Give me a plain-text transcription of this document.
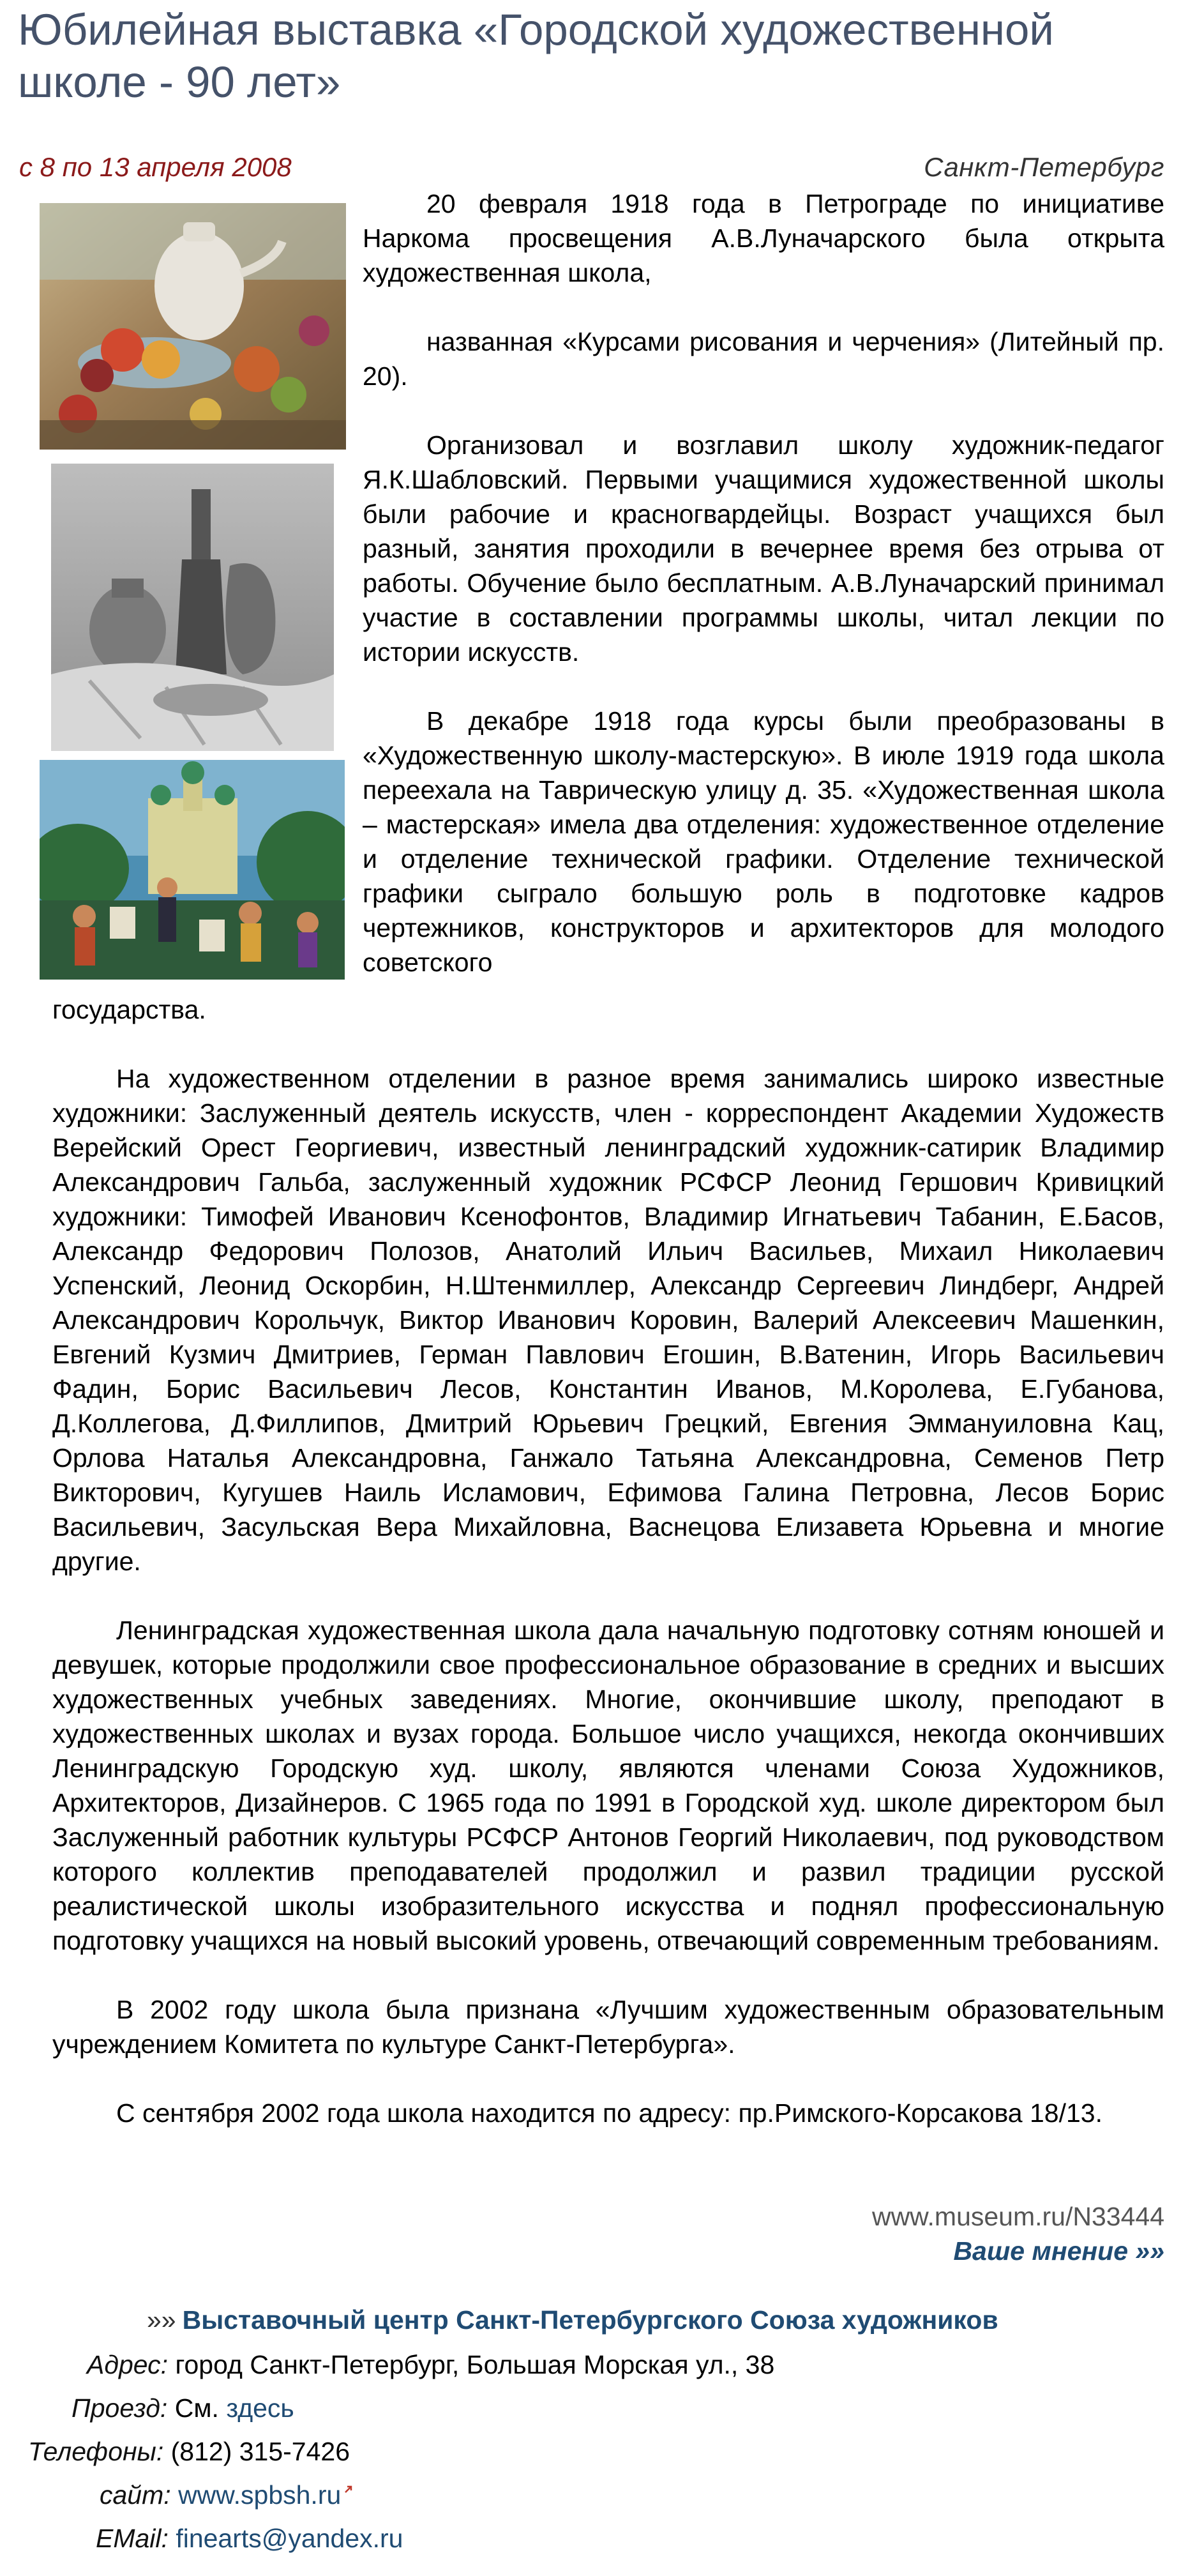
Юбилейная выставка «Городской художественной школе - 90 лет»
с 8 по 13 апреля 2008	Санкт-Петербург

20 февраля 1918 года в Петрограде по инициативе Наркома просвещения А.В.Луначарского была открыта художественная школа,

названная «Курсами рисования и черчения» (Литейный пр. 20).

Организовал и возглавил школу художник-педагог Я.К.Шабловский. Первыми учащимися художественной школы были рабочие и красногвардейцы. Возраст учащихся был разный, занятия проходили в вечернее время без отрыва от работы. Обучение было бесплатным. А.В.Луначарский принимал участие в составлении программы школы, читал лекции по истории искусств.

В декабре 1918 года курсы были преобразованы в «Художественную школу-мастерскую». В июле 1919 года школа переехала на Таврическую улицу д. 35. «Художественная школа – мастерская» имела два отделения: художественное отделение и отделение технической графики. Отделение технической графики сыграло большую роль в подготовке кадров чертежников, конструкторов и архитекторов для молодого советского

государства.

На художественном отделении в разное время занимались широко известные художники: Заслуженный деятель искусств, член - корреспондент Академии Художеств Верейский Орест Георгиевич, известный ленинградский художник-сатирик Владимир Александрович Гальба, заслуженный художник РСФСР Леонид Гершович Кривицкий художники: Тимофей Иванович Ксенофонтов, Владимир Игнатьевич Табанин, Е.Басов, Александр Федорович Полозов, Анатолий Ильич Васильев, Михаил Николаевич Успенский, Леонид Оскорбин, Н.Штенмиллер, Александр Сергеевич Линдберг, Андрей Александрович Корольчук, Виктор Иванович Коровин, Валерий Алексеевич Машенкин, Евгений Кузмич Дмитриев, Герман Павлович Егошин, В.Ватенин, Игорь Васильевич Фадин, Борис Васильевич Лесов, Константин Иванов, М.Королева, Е.Губанова, Д.Коллегова, Д.Филлипов, Дмитрий Юрьевич Грецкий, Евгения Эммануиловна Кац, Орлова Наталья Александровна, Ганжало Татьяна Александровна, Семенов Петр Викторович, Кугушев Наиль Исламович, Ефимова Галина Петровна, Лесов Борис Васильевич, Засульская Вера Михайловна, Васнецова Елизавета Юрьевна и многие другие.

Ленинградская художественная школа дала начальную подготовку сотням юношей и девушек, которые продолжили свое профессиональное образование в средних и высших художественных учебных заведениях. Многие, окончившие школу, преподают в художественных школах и вузах города. Большое число учащихся, некогда окончивших Ленинградскую Городскую худ. школу, являются членами Союза Художников, Архитекторов, Дизайнеров. С 1965 года по 1991 в Городской худ. школе директором был Заслуженный работник культуры РСФСР Антонов Георгий Николаевич, под руководством которого коллектив преподавателей продолжил и развил традиции русской реалистической школы изобразительного искусства и поднял профессиональную подготовку учащихся на новый высокий уровень, отвечающий современным требованиям.

В 2002 году школа была признана «Лучшим художественным образовательным учреждением Комитета по культуре Санкт-Петербурга».

С сентября 2002 года школа находится по адресу: пр.Римского-Корсакова 18/13.

www.museum.ru/N33444
Ваше мнение »»
»» Выставочный центр Санкт-Петербургского Союза художников
Адрес: город Санкт-Петербург, Большая Морская ул., 38
Проезд: См. здесь
Телефоны: (812) 315-7426
сайт: www.spbsh.ru
EMail: finearts@yandex.ru
